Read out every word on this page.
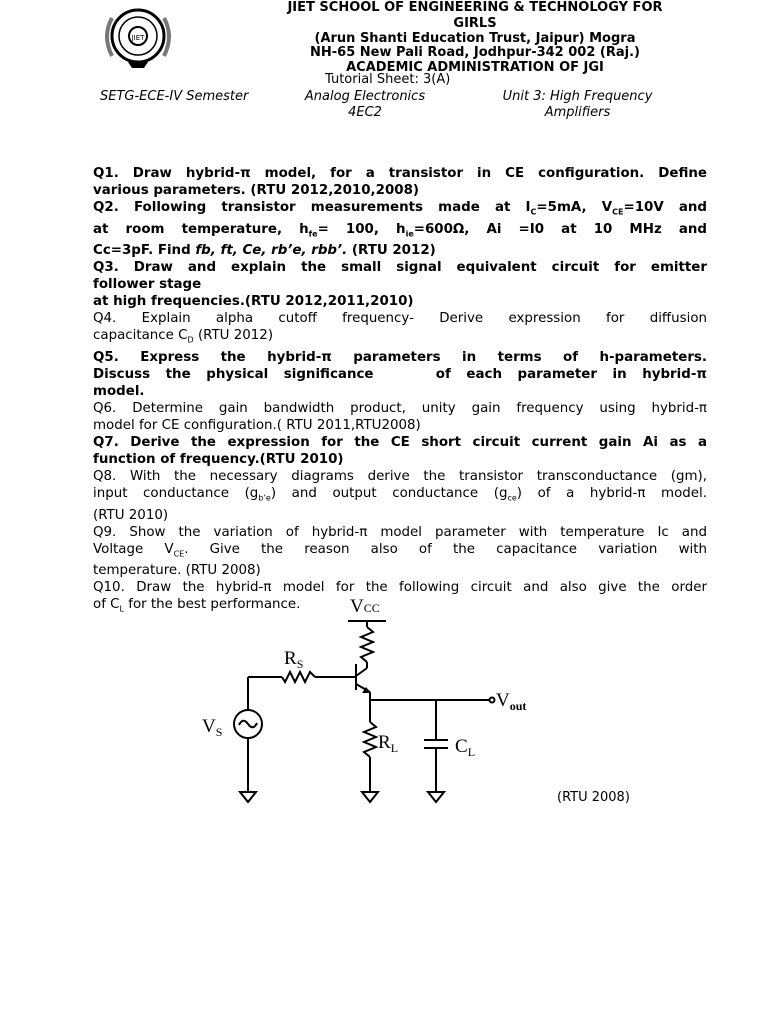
JIET
JIET SCHOOL OF ENGINEERING & TECHNOLOGY FOR
GIRLS
(Arun Shanti Education Trust, Jaipur) Mogra
NH-65 New Pali Road, Jodhpur-342 002 (Raj.)
ACADEMIC ADMINISTRATION OF JGI
Tutorial Sheet: 3(A)
SETG-ECE-IV Semester	Analog Electronics
4EC2
Unit 3: High Frequency
Amplifiers
Q1. Draw hybrid-π model, for a transistor in CE configuration. Define
various parameters. (RTU 2012,2010,2008)
Q2. Following transistor measurements made at $I_C=5mA$, $V_{CE}=10V$ and
at room temperature, $h_{fe}= 100$, $h_{ie}=600\Omega$, Ai =I0 at 10 MHz and
Cc=3pF. Find fb, ft, Ce, rb’e, rbb’. (RTU 2012)
Q3. Draw and explain the small signal equivalent circuit for emitter
follower stage
at high frequencies.(RTU 2012,2011,2010)
Q4. Explain alpha cutoff frequency- Derive expression for diffusion
capacitance $C_D$ (RTU 2012)
Q5. Express the hybrid-π parameters in terms of h-parameters.
Discuss the physical significance    of each parameter in hybrid-π
model.
Q6. Determine gain bandwidth product, unity gain frequency using hybrid-π
model for CE configuration.( RTU 2011,RTU2008)
Q7. Derive the expression for the CE short circuit current gain Ai as a
function of frequency.(RTU 2010)
Q8. With the necessary diagrams derive the transistor transconductance (gm),
input conductance $(g_{b’e})$ and output conductance $(g_{ce})$ of a hybrid-π model.
(RTU 2010)
Q9. Show the variation of hybrid-π model parameter with temperature Ic and
Voltage $V_{CE}$. Give the reason also of the capacitance variation with
temperature. (RTU 2008)
Q10. Draw the hybrid-π model for the following circuit and also give the order
of $C_L$ for the best performance.	VCC
$R_S$
$V_S$	$R_L$	$C_L$
$V_{out}$
(RTU 2008)
